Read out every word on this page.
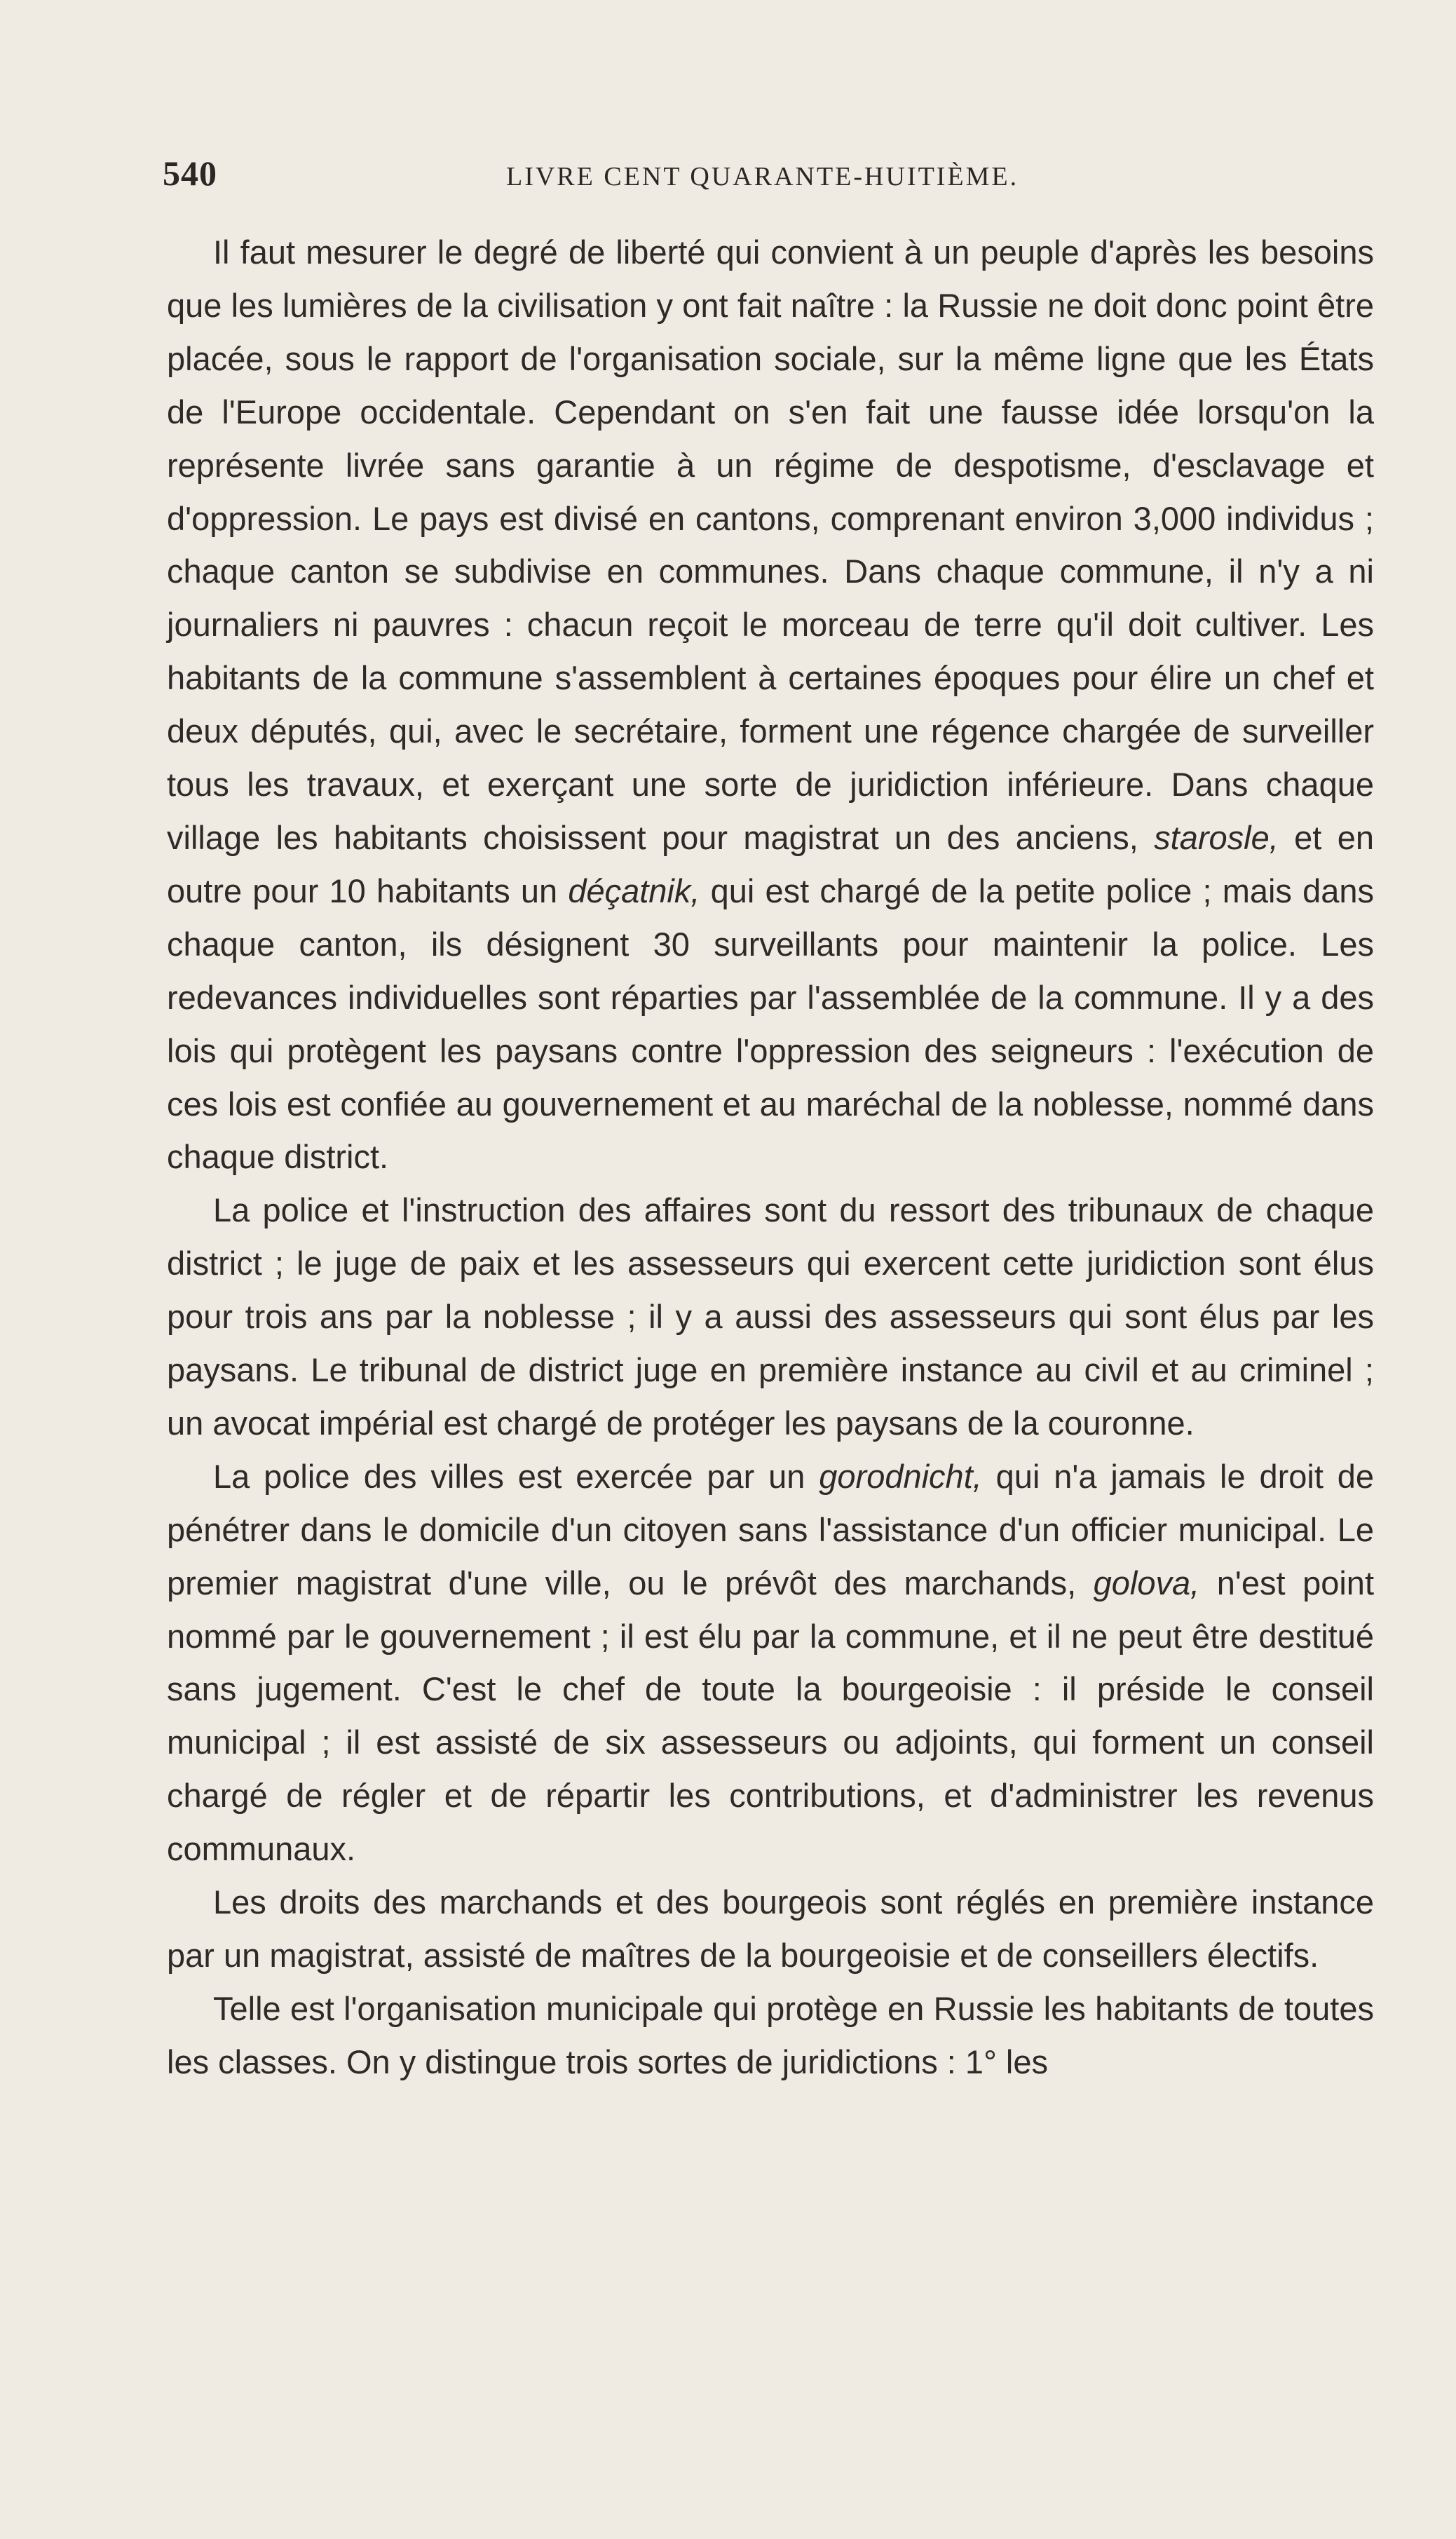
540	LIVRE CENT QUARANTE-HUITIÈME.

Il faut mesurer le degré de liberté qui convient à un peuple d'après les besoins que les lumières de la civilisation y ont fait naître : la Russie ne doit donc point être placée, sous le rapport de l'organisation sociale, sur la même ligne que les États de l'Europe occidentale. Cependant on s'en fait une fausse idée lorsqu'on la représente livrée sans garantie à un régime de despotisme, d'esclavage et d'oppression. Le pays est divisé en cantons, comprenant environ 3,000 individus ; chaque canton se subdivise en communes. Dans chaque commune, il n'y a ni journaliers ni pauvres : chacun reçoit le morceau de terre qu'il doit cultiver. Les habitants de la commune s'assemblent à certaines époques pour élire un chef et deux députés, qui, avec le secrétaire, forment une régence chargée de surveiller tous les travaux, et exerçant une sorte de juridiction inférieure. Dans chaque village les habitants choisissent pour magistrat un des anciens, starosle, et en outre pour 10 habitants un déçatnik, qui est chargé de la petite police ; mais dans chaque canton, ils désignent 30 surveillants pour maintenir la police. Les redevances individuelles sont réparties par l'assemblée de la commune. Il y a des lois qui protègent les paysans contre l'oppression des seigneurs : l'exécution de ces lois est confiée au gouvernement et au maréchal de la noblesse, nommé dans chaque district.

La police et l'instruction des affaires sont du ressort des tribunaux de chaque district ; le juge de paix et les assesseurs qui exercent cette juridiction sont élus pour trois ans par la noblesse ; il y a aussi des assesseurs qui sont élus par les paysans. Le tribunal de district juge en première instance au civil et au criminel ; un avocat impérial est chargé de protéger les paysans de la couronne.

La police des villes est exercée par un gorodnicht, qui n'a jamais le droit de pénétrer dans le domicile d'un citoyen sans l'assistance d'un officier municipal. Le premier magistrat d'une ville, ou le prévôt des marchands, golova, n'est point nommé par le gouvernement ; il est élu par la commune, et il ne peut être destitué sans jugement. C'est le chef de toute la bourgeoisie : il préside le conseil municipal ; il est assisté de six assesseurs ou adjoints, qui forment un conseil chargé de régler et de répartir les contributions, et d'administrer les revenus communaux.

Les droits des marchands et des bourgeois sont réglés en première instance par un magistrat, assisté de maîtres de la bourgeoisie et de conseillers électifs.

Telle est l'organisation municipale qui protège en Russie les habitants de toutes les classes. On y distingue trois sortes de juridictions : 1° les
